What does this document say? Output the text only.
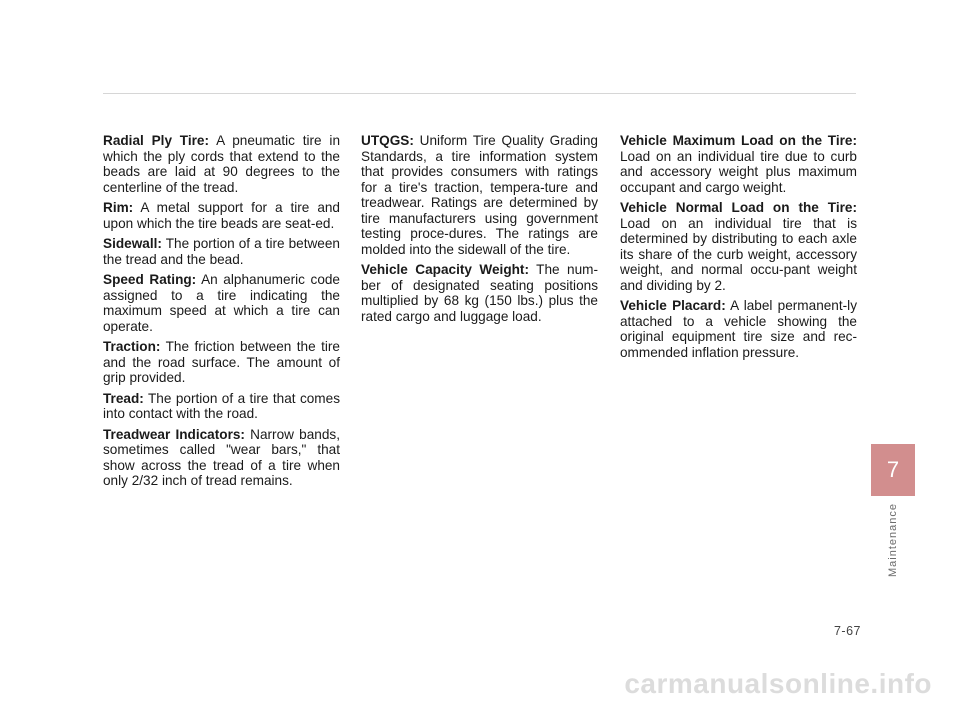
Radial Ply Tire: A pneumatic tire in which the ply cords that extend to the beads are laid at 90 degrees to the centerline of the tread.

Rim: A metal support for a tire and upon which the tire beads are seat-ed.

Sidewall: The portion of a tire between the tread and the bead.

Speed Rating: An alphanumeric code assigned to a tire indicating the maximum speed at which a tire can operate.

Traction: The friction between the tire and the road surface. The amount of grip provided.

Tread: The portion of a tire that comes into contact with the road.

Treadwear Indicators: Narrow bands, sometimes called "wear bars," that show across the tread of a tire when only 2/32 inch of tread remains.

UTQGS: Uniform Tire Quality Grading Standards, a tire information system that provides consumers with ratings for a tire's traction, tempera-ture and treadwear. Ratings are determined by tire manufacturers using government testing proce-dures. The ratings are molded into the sidewall of the tire.

Vehicle Capacity Weight: The num-ber of designated seating positions multiplied by 68 kg (150 lbs.) plus the rated cargo and luggage load.

Vehicle Maximum Load on the Tire: Load on an individual tire due to curb and accessory weight plus maximum occupant and cargo weight.

Vehicle Normal Load on the Tire: Load on an individual tire that is determined by distributing to each axle its share of the curb weight, accessory weight, and normal occu-pant weight and dividing by 2.

Vehicle Placard: A label permanent-ly attached to a vehicle showing the original equipment tire size and rec-ommended inflation pressure.

7
Maintenance
7-67
carmanualsonline.info
